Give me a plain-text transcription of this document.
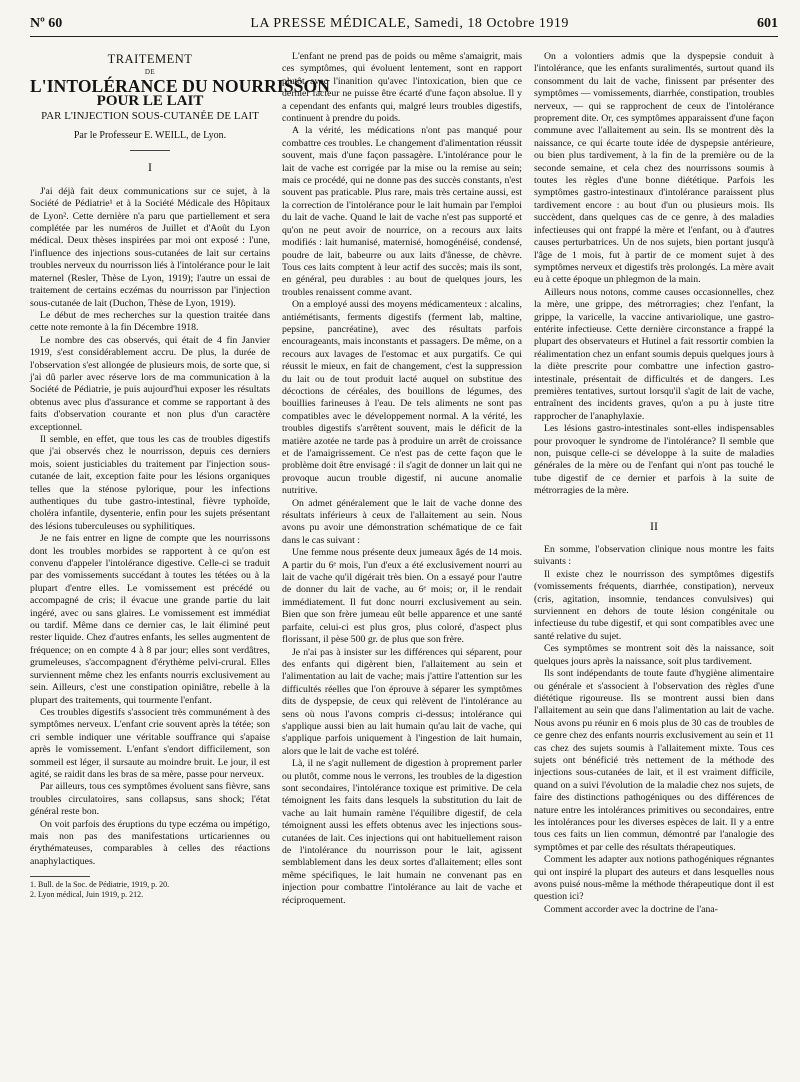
Nº 60	LA PRESSE MÉDICALE, Samedi, 18 Octobre 1919	601
TRAITEMENT
DE
L'INTOLÉRANCE DU NOURRISSON
POUR LE LAIT
PAR L'INJECTION SOUS-CUTANÉE DE LAIT
Par le Professeur E. WEILL, de Lyon.
I

J'ai déjà fait deux communications sur ce sujet, à la Société de Pédiatrie¹ et à la Société Médicale des Hôpitaux de Lyon². Cette dernière n'a paru que partiellement et sera complétée par les numéros de Juillet et d'Août du Lyon médical. Deux thèses inspirées par moi ont exposé : l'une, l'influence des injections sous-cutanées de lait sur certains troubles nerveux du nourrisson liés à l'intolérance pour le lait maternel (Resler, Thèse de Lyon, 1919); l'autre un essai de traitement de certains eczémas du nourrisson par l'injection sous-cutanée de lait (Duchon, Thèse de Lyon, 1919).

Le début de mes recherches sur la question traitée dans cette note remonte à la fin Décembre 1918.

Le nombre des cas observés, qui était de 4 fin Janvier 1919, s'est considérablement accru. De plus, la durée de l'observation s'est allongée de plusieurs mois, de sorte que, si j'ai dû parler avec réserve lors de ma communication à la Société de Pédiatrie, je puis aujourd'hui exposer les résultats obtenus avec plus d'assurance et comme se rapportant à des faits d'observation courante et non plus d'un caractère exceptionnel.

Il semble, en effet, que tous les cas de troubles digestifs que j'ai observés chez le nourrisson, depuis ces derniers mois, soient justiciables du traitement par l'injection sous-cutanée de lait, exception faite pour les lésions organiques telles que la sténose pylorique, pour les infections authentiques du tube gastro-intestinal, fièvre typhoïde, choléra infantile, dysenterie, enfin pour les sujets présentant des lésions tuberculeuses ou syphilitiques.

Je ne fais entrer en ligne de compte que les nourrissons dont les troubles morbides se rapportent à ce qu'on est convenu d'appeler l'intolérance digestive. Celle-ci se traduit par des vomissements succédant à toutes les tétées ou à la plupart d'entre elles. Le vomissement est précédé ou accompagné de cris; il évacue une grande partie du lait ingéré, avec ou sans glaires. Le vomissement est immédiat ou tardif. Même dans ce dernier cas, le lait éliminé peut rester liquide. Chez d'autres enfants, les selles augmentent de fréquence; on en compte 4 à 8 par jour; elles sont verdâtres, grumeleuses, s'accompagnent d'érythème pelvi-crural. Elles surviennent même chez les enfants nourris exclusivement au sein. Ailleurs, c'est une constipation opiniâtre, rebelle à la plupart des traitements, qui tourmente l'enfant.

Ces troubles digestifs s'associent très communément à des symptômes nerveux. L'enfant crie souvent après la tétée; son cri semble indiquer une véritable souffrance qui s'apaise après le vomissement. L'enfant s'endort difficilement, son sommeil est léger, il sursaute au moindre bruit. Le jour, il est agité, se raidit dans les bras de sa mère, passe pour nerveux.

Par ailleurs, tous ces symptômes évoluent sans fièvre, sans troubles circulatoires, sans collapsus, sans shock; l'état général reste bon.

On voit parfois des éruptions du type eczéma ou impétigo, mais non pas des manifestations urticariennes ou érythémateuses, comparables à celles des réactions anaphylactiques.

1. Bull. de la Soc. de Pédiatrie, 1919, p. 20.

2. Lyon médical, Juin 1919, p. 212.

L'enfant ne prend pas de poids ou même s'amaigrit, mais ces symptômes, qui évoluent lentement, sont en rapport plutôt avec l'inanition qu'avec l'intoxication, bien que ce dernier facteur ne puisse être écarté d'une façon absolue. Il y a cependant des enfants qui, malgré leurs troubles digestifs, continuent à prendre du poids.

A la vérité, les médications n'ont pas manqué pour combattre ces troubles. Le changement d'alimentation réussit souvent, mais d'une façon passagère. L'intolérance pour le lait de vache est corrigée par la mise ou la remise au sein; mais ce procédé, qui ne donne pas des succès constants, n'est souvent pas praticable. Plus rare, mais très certaine aussi, est la correction de l'intolérance pour le lait humain par l'emploi du lait de vache. Quand le lait de vache n'est pas supporté et qu'on ne peut avoir de nourrice, on a recours aux laits modifiés : lait humanisé, maternisé, homogénéisé, condensé, poudre de lait, babeurre ou aux laits d'ânesse, de chèvre. Tous ces laits comptent à leur actif des succès; mais ils sont, en général, peu durables : au bout de quelques jours, les troubles renaissent comme avant.

On a employé aussi des moyens médicamenteux : alcalins, antiémétisants, ferments digestifs (ferment lab, maltine, pepsine, pancréatine), avec des résultats parfois encourageants, mais inconstants et passagers. De même, on a recours aux lavages de l'estomac et aux purgatifs. Ce qui réussit le mieux, en fait de changement, c'est la suppression du lait ou de tout produit lacté auquel on substitue des décoctions de céréales, des bouillons de légumes, des bouillies farineuses à l'eau. De tels aliments ne sont pas compatibles avec le développement normal. A la vérité, les troubles digestifs s'arrêtent souvent, mais le déficit de la matière azotée ne tarde pas à produire un arrêt de croissance et de l'amaigrissement. Ce n'est pas de cette façon que le problème doit être envisagé : il s'agit de donner un lait qui ne provoque aucun trouble digestif, ni aucune anomalie nutritive.

On admet généralement que le lait de vache donne des résultats inférieurs à ceux de l'allaitement au sein. Nous avons pu avoir une démonstration schématique de ce fait dans le cas suivant :

Une femme nous présente deux jumeaux âgés de 14 mois. A partir du 6ᵉ mois, l'un d'eux a été exclusivement nourri au lait de vache qu'il digérait très bien. On a essayé pour l'autre de donner du lait de vache, au 6ᵉ mois; or, il le rendait immédiatement. Il fut donc nourri exclusivement au sein. Bien que son frère jumeau eût belle apparence et une santé parfaite, celui-ci est plus gros, plus coloré, d'aspect plus florissant, il pèse 500 gr. de plus que son frère.

Je n'ai pas à insister sur les différences qui séparent, pour des enfants qui digèrent bien, l'allaitement au sein et l'alimentation au lait de vache; mais j'attire l'attention sur les difficultés réelles que l'on éprouve à séparer les symptômes dits de dyspepsie, de ceux qui relèvent de l'intolérance au sens où nous l'avons compris ci-dessus; intolérance qui s'applique aussi bien au lait humain qu'au lait de vache, qui s'applique parfois uniquement à l'ingestion de lait humain, alors que le lait de vache est toléré.

Là, il ne s'agit nullement de digestion à proprement parler ou plutôt, comme nous le verrons, les troubles de la digestion sont secondaires, l'intolérance toxique est primitive. De cela témoignent les faits dans lesquels la substitution du lait de vache au lait humain ramène l'équilibre digestif, de cela témoignent aussi les effets obtenus avec les injections sous-cutanées de lait. Ces injections qui ont habituellement raison de l'intolérance du nourrisson pour le lait, agissent semblablement dans les deux sortes d'allaitement; elles sont même spécifiques, le lait humain ne convenant pas en injection pour combattre l'intolérance au lait de vache et réciproquement.

On a volontiers admis que la dyspepsie conduit à l'intolérance, que les enfants suralimentés, surtout quand ils consomment du lait de vache, finissent par présenter des symptômes — vomissements, diarrhée, constipation, troubles nerveux, — qui se rapprochent de ceux de l'intolérance proprement dite. Or, ces symptômes apparaissent d'une façon commune avec l'allaitement au sein. Ils se montrent dès la naissance, ce qui écarte toute idée de dyspepsie antérieure, ou bien plus tardivement, à la fin de la première ou de la seconde semaine, et cela chez des nourrissons soumis à toutes les règles d'une bonne diététique. Parfois les symptômes gastro-intestinaux d'intolérance paraissent plus tardivement encore : au bout d'un ou plusieurs mois. Ils succèdent, dans quelques cas de ce genre, à des maladies infectieuses qui ont frappé la mère et l'enfant, ou à d'autres causes perturbatrices. Un de nos sujets, bien portant jusqu'à l'âge de 1 mois, fut à partir de ce moment sujet à des symptômes nerveux et digestifs très prolongés. La mère avait eu à cette époque un phlegmon de la main.

Ailleurs nous notons, comme causes occasionnelles, chez la mère, une grippe, des métrorragies; chez l'enfant, la grippe, la varicelle, la vaccine antivariolique, une gastro-entérite infectieuse. Cette dernière circonstance a frappé la plupart des observateurs et Hutinel a fait ressortir combien la réalimentation chez un enfant soumis depuis quelques jours à la diète prescrite pour combattre une infection gastro-intestinale, présentait de difficultés et de dangers. Les premières tentatives, surtout lorsqu'il s'agit de lait de vache, entraînent des incidents graves, qu'on a pu à juste titre rapprocher de l'anaphylaxie.

Les lésions gastro-intestinales sont-elles indispensables pour provoquer le syndrome de l'intolérance? Il semble que non, puisque celle-ci se développe à la suite de maladies générales de la mère ou de l'enfant qui n'ont pas touché le tube digestif de ce dernier et parfois à la suite de métrorragies de la mère.

II

En somme, l'observation clinique nous montre les faits suivants :

Il existe chez le nourrisson des symptômes digestifs (vomissements fréquents, diarrhée, constipation), nerveux (cris, agitation, insomnie, tendances convulsives) qui surviennent en dehors de toute lésion congénitale ou infectieuse du tube digestif, et qui sont compatibles avec une santé relative du sujet.

Ces symptômes se montrent soit dès la naissance, soit quelques jours après la naissance, soit plus tardivement.

Ils sont indépendants de toute faute d'hygiène alimentaire ou générale et s'associent à l'observation des règles d'une diététique rigoureuse. Ils se montrent aussi bien dans l'allaitement au sein que dans l'alimentation au lait de vache. Nous avons pu réunir en 6 mois plus de 30 cas de troubles de ce genre chez des enfants nourris exclusivement au sein et 11 cas chez des sujets soumis à l'allaitement mixte. Tous ces sujets ont bénéficié très nettement de la méthode des injections sous-cutanées de lait, et il est vraiment difficile, quand on a suivi l'évolution de la maladie chez nos sujets, de faire des distinctions pathogéniques ou des différences de nature entre les intolérances primitives ou secondaires, entre les intolérances pour les diverses espèces de lait. Il y a entre tous ces faits un lien commun, démontré par l'analogie des symptômes et par celle des résultats thérapeutiques.

Comment les adapter aux notions pathogéniques régnantes qui ont inspiré la plupart des auteurs et dans lesquelles nous avons puisé nous-même la méthode thérapeutique dont il est question ici?

Comment accorder avec la doctrine de l'ana-
